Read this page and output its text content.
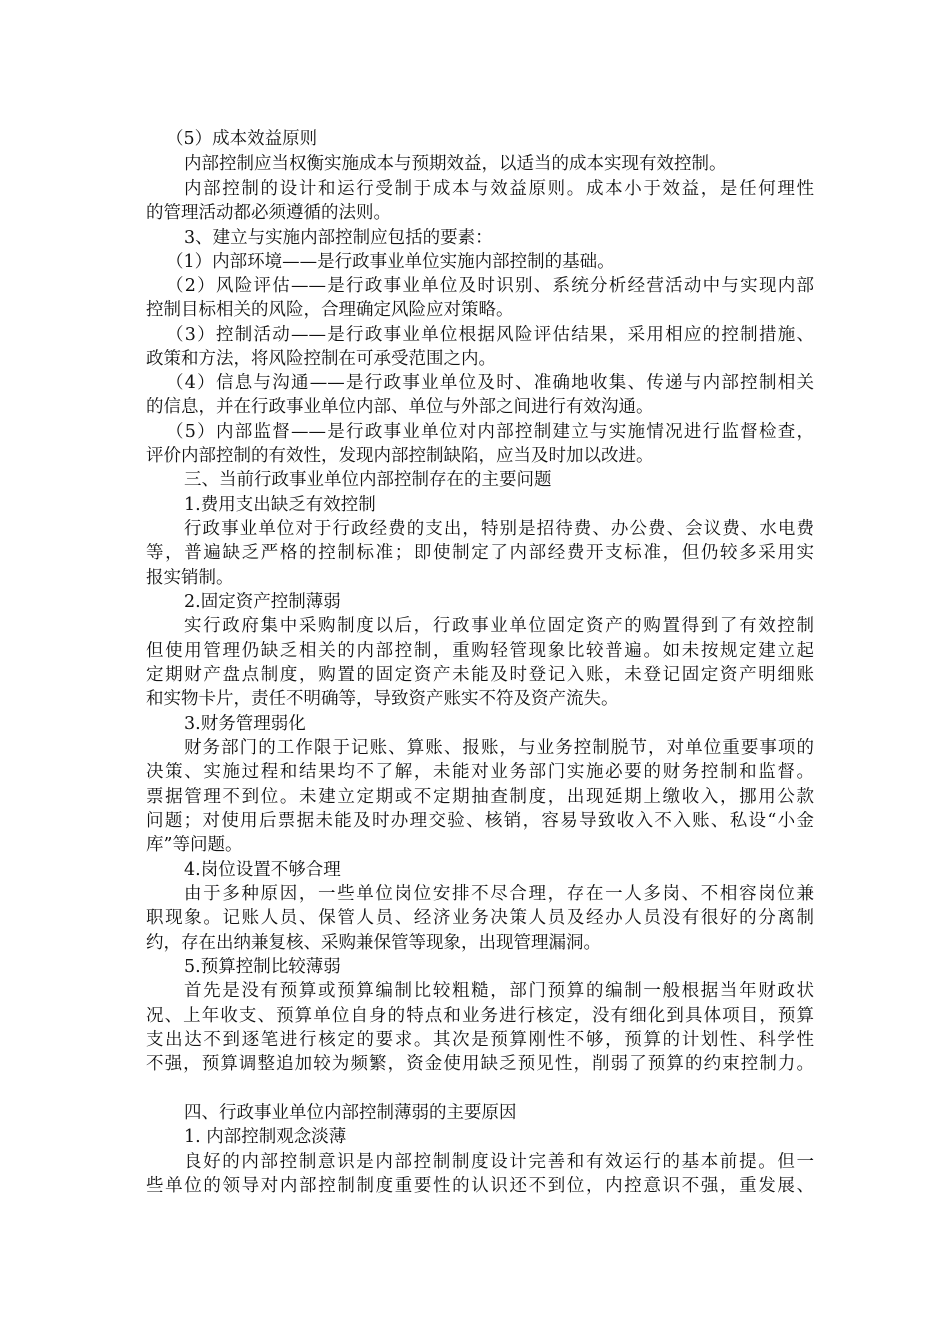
（5）成本效益原则
内部控制应当权衡实施成本与预期效益，以适当的成本实现有效控制。
内部控制的设计和运行受制于成本与效益原则。成本小于效益，是任何理性
的管理活动都必须遵循的法则。
3、建立与实施内部控制应包括的要素：
（1）内部环境——是行政事业单位实施内部控制的基础。
（2）风险评估——是行政事业单位及时识别、系统分析经营活动中与实现内部
控制目标相关的风险，合理确定风险应对策略。
（3）控制活动——是行政事业单位根据风险评估结果，采用相应的控制措施、
政策和方法，将风险控制在可承受范围之内。
（4）信息与沟通——是行政事业单位及时、准确地收集、传递与内部控制相关
的信息，并在行政事业单位内部、单位与外部之间进行有效沟通。
（5）内部监督——是行政事业单位对内部控制建立与实施情况进行监督检查，
评价内部控制的有效性，发现内部控制缺陷，应当及时加以改进。
三、当前行政事业单位内部控制存在的主要问题
1.费用支出缺乏有效控制
行政事业单位对于行政经费的支出，特别是招待费、办公费、会议费、水电费
等，普遍缺乏严格的控制标准；即使制定了内部经费开支标准，但仍较多采用实
报实销制。
2.固定资产控制薄弱
实行政府集中采购制度以后，行政事业单位固定资产的购置得到了有效控制
但使用管理仍缺乏相关的内部控制，重购轻管现象比较普遍。如未按规定建立起
定期财产盘点制度，购置的固定资产未能及时登记入账，未登记固定资产明细账
和实物卡片，责任不明确等，导致资产账实不符及资产流失。
3.财务管理弱化
财务部门的工作限于记账、算账、报账，与业务控制脱节，对单位重要事项的
决策、实施过程和结果均不了解，未能对业务部门实施必要的财务控制和监督。
票据管理不到位。未建立定期或不定期抽查制度，出现延期上缴收入，挪用公款
问题；对使用后票据未能及时办理交验、核销，容易导致收入不入账、私设“小金
库”等问题。
4.岗位设置不够合理
由于多种原因，一些单位岗位安排不尽合理，存在一人多岗、不相容岗位兼
职现象。记账人员、保管人员、经济业务决策人员及经办人员没有很好的分离制
约，存在出纳兼复核、采购兼保管等现象，出现管理漏洞。
5.预算控制比较薄弱
首先是没有预算或预算编制比较粗糙，部门预算的编制一般根据当年财政状
况、上年收支、预算单位自身的特点和业务进行核定，没有细化到具体项目，预算
支出达不到逐笔进行核定的要求。其次是预算刚性不够，预算的计划性、科学性
不强，预算调整追加较为频繁，资金使用缺乏预见性，削弱了预算的约束控制力。
四、行政事业单位内部控制薄弱的主要原因
1. 内部控制观念淡薄
良好的内部控制意识是内部控制制度设计完善和有效运行的基本前提。但一
些单位的领导对内部控制制度重要性的认识还不到位，内控意识不强，重发展、
